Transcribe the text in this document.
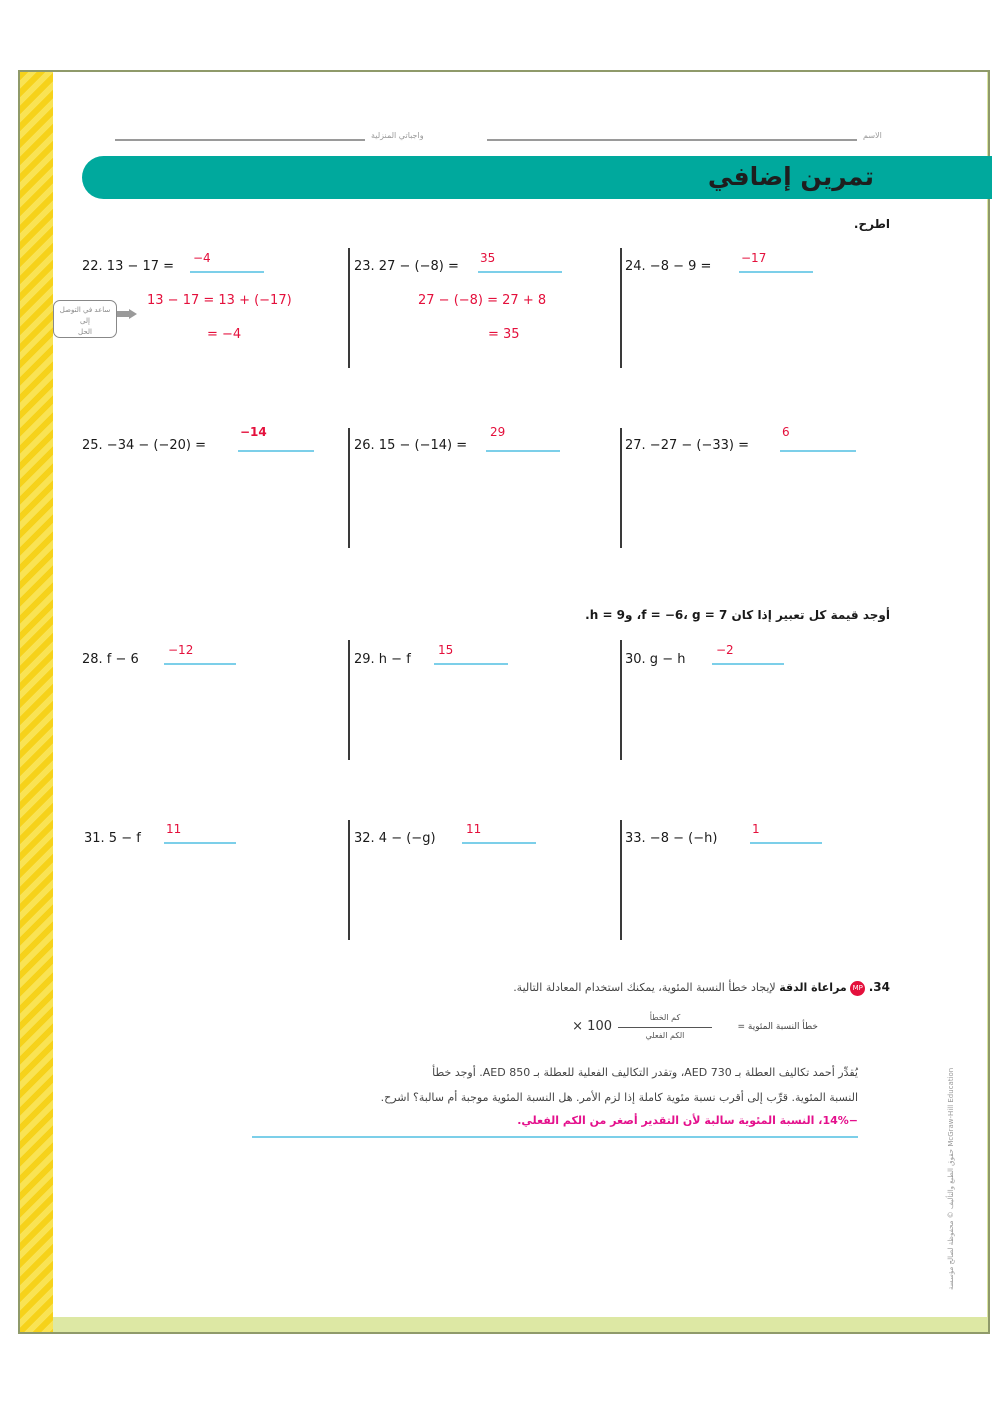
واجباتي المنزلية	الاسم
تمرين إضافي
اطرح.
22. 13 − 17 =
−4
13 − 17 = 13 + (−17)
= −4
ساعد في التوصل إلى
الحل
23. 27 − (−8) =
35
27 − (−8) = 27 + 8
= 35
24. −8 − 9 =
−17
25. −34 − (−20) =
−14
26. 15 − (−14) =
29
27. −27 − (−33) =
6
أوجد قيمة كل تعبير إذا كان f = −6، g = 7، وh = 9.
28. f − 6
−12
29. h − f
15
30. g − h
−2
31. 5 − f
11
32. 4 − (−g)
11
33. −8 − (−h)
1
34. MP مراعاة الدقة لإيجاد خطأ النسبة المئوية، يمكنك استخدام المعادلة التالية.
خطأ النسبة المئوية =
كم الخطأ
الكم الفعلي
× 100
يُقدِّر أحمد تكاليف العطلة بـ AED 730، وتقدر التكاليف الفعلية للعطلة بـ AED 850. أوجد خطأ
النسبة المئوية. قرِّب إلى أقرب نسبة مئوية كاملة إذا لزم الأمر. هل النسبة المئوية موجبة أم سالبة؟ اشرح.
−14%، النسبة المئوية سالبة لأن التقدير أصغر من الكم الفعلي.
حقوق الطبع والتأليف © محفوظة لصالح مؤسسة McGraw-Hill Education
